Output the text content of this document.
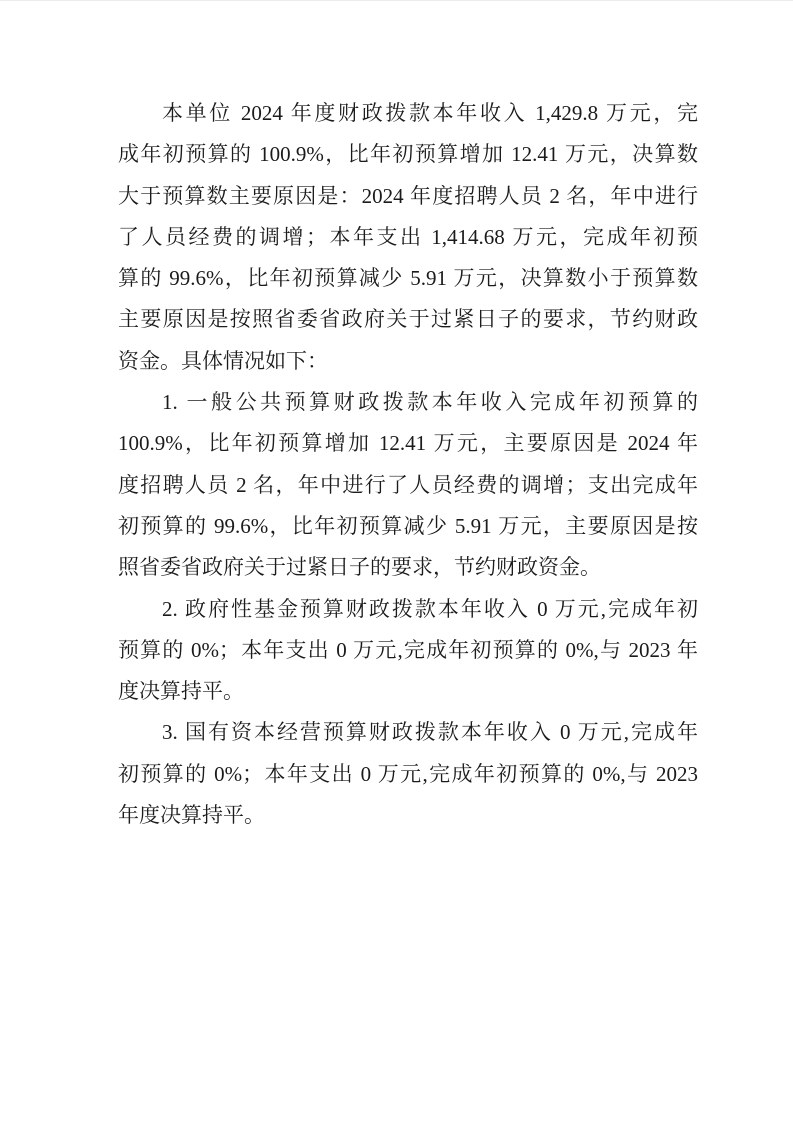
本单位 2024 年度财政拨款本年收入 1,429.8 万元，完
成年初预算的 100.9%，比年初预算增加 12.41 万元，决算数
大于预算数主要原因是：2024 年度招聘人员 2 名，年中进行
了人员经费的调增；本年支出 1,414.68 万元，完成年初预
算的 99.6%，比年初预算减少 5.91 万元，决算数小于预算数
主要原因是按照省委省政府关于过紧日子的要求，节约财政
资金。具体情况如下：
1. 一般公共预算财政拨款本年收入完成年初预算的
100.9%，比年初预算增加 12.41 万元，主要原因是 2024 年
度招聘人员 2 名，年中进行了人员经费的调增；支出完成年
初预算的 99.6%，比年初预算减少 5.91 万元，主要原因是按
照省委省政府关于过紧日子的要求，节约财政资金。
2. 政府性基金预算财政拨款本年收入 0 万元,完成年初
预算的 0%；本年支出 0 万元,完成年初预算的 0%,与 2023 年
度决算持平。
3. 国有资本经营预算财政拨款本年收入 0 万元,完成年
初预算的 0%；本年支出 0 万元,完成年初预算的 0%,与 2023
年度决算持平。
